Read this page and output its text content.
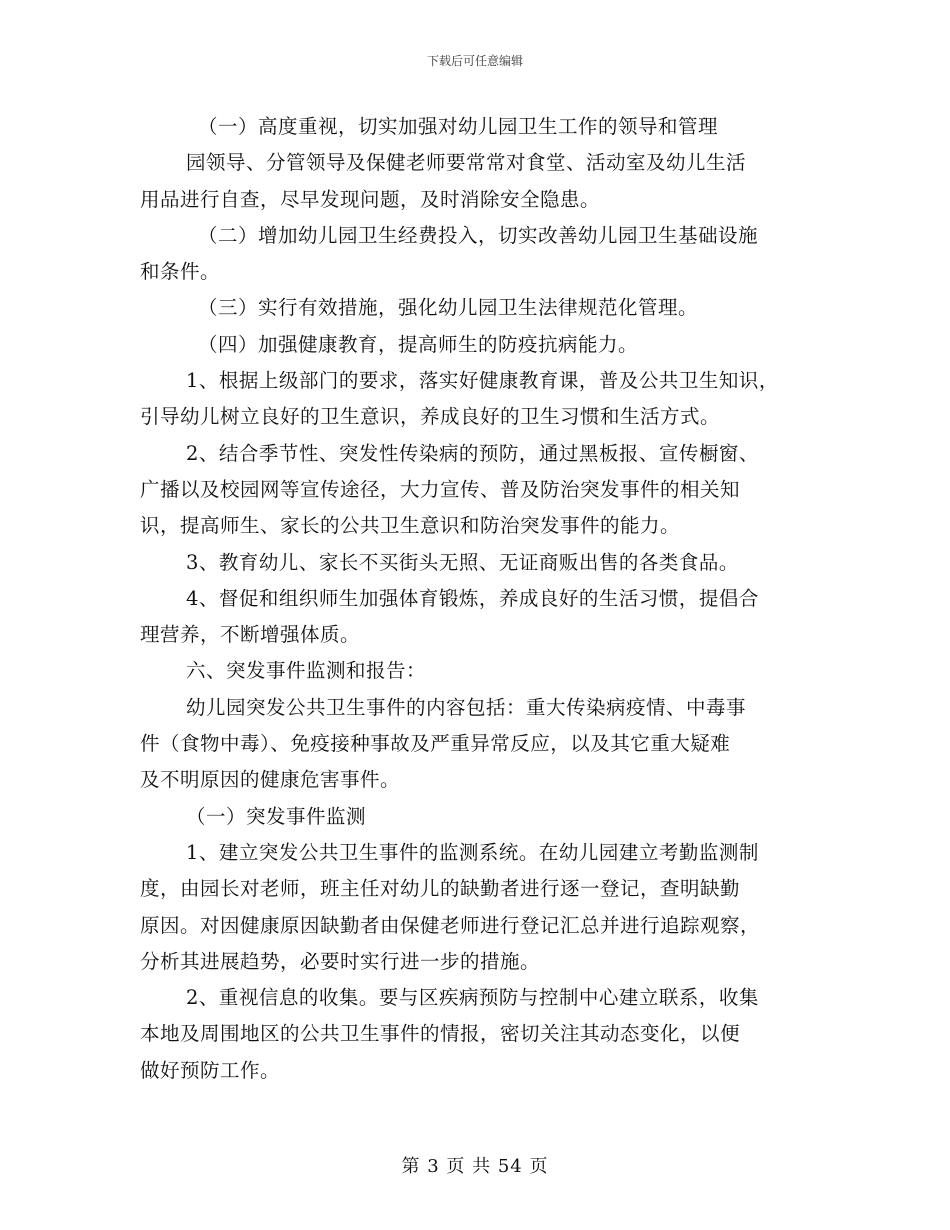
下载后可任意编辑
（一）高度重视，切实加强对幼儿园卫生工作的领导和管理
园领导、分管领导及保健老师要常常对食堂、活动室及幼儿生活
用品进行自查，尽早发现问题，及时消除安全隐患。
（二）增加幼儿园卫生经费投入，切实改善幼儿园卫生基础设施
和条件。
（三）实行有效措施，强化幼儿园卫生法律规范化管理。
（四）加强健康教育，提高师生的防疫抗病能力。
1、根据上级部门的要求，落实好健康教育课，普及公共卫生知识，
引导幼儿树立良好的卫生意识，养成良好的卫生习惯和生活方式。
2、结合季节性、突发性传染病的预防，通过黑板报、宣传橱窗、
广播以及校园网等宣传途径，大力宣传、普及防治突发事件的相关知
识，提高师生、家长的公共卫生意识和防治突发事件的能力。
3、教育幼儿、家长不买街头无照、无证商贩出售的各类食品。
4、督促和组织师生加强体育锻炼，养成良好的生活习惯，提倡合
理营养，不断增强体质。
六、突发事件监测和报告：
幼儿园突发公共卫生事件的内容包括：重大传染病疫情、中毒事
件（食物中毒）、免疫接种事故及严重异常反应，以及其它重大疑难
及不明原因的健康危害事件。
（一）突发事件监测
1、建立突发公共卫生事件的监测系统。在幼儿园建立考勤监测制
度，由园长对老师，班主任对幼儿的缺勤者进行逐一登记，查明缺勤
原因。对因健康原因缺勤者由保健老师进行登记汇总并进行追踪观察，
分析其进展趋势，必要时实行进一步的措施。
2、重视信息的收集。要与区疾病预防与控制中心建立联系，收集
本地及周围地区的公共卫生事件的情报，密切关注其动态变化，以便
做好预防工作。
第 3 页 共 54 页
